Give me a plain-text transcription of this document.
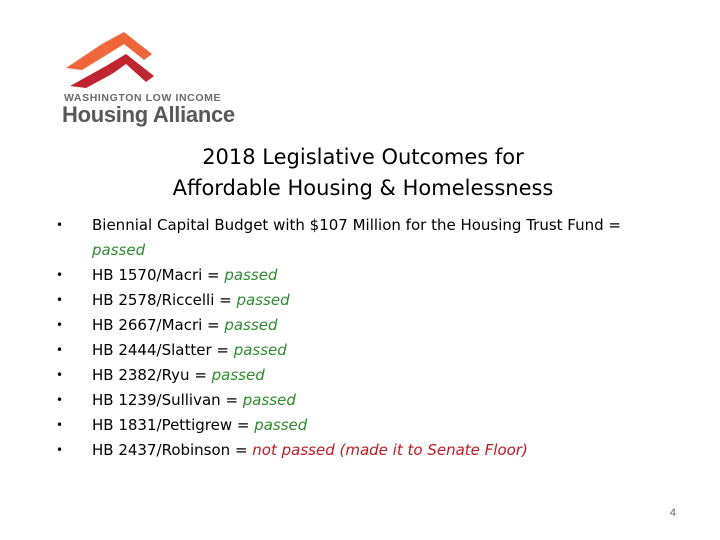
WASHINGTON LOW INCOME
Housing Alliance
2018 Legislative Outcomes for
Affordable Housing & Homelessness
• Biennial Capital Budget with $107 Million for the Housing Trust Fund = passed
• HB 1570/Macri = passed
• HB 2578/Riccelli = passed
• HB 2667/Macri = passed
• HB 2444/Slatter = passed
• HB 2382/Ryu = passed
• HB 1239/Sullivan = passed
• HB 1831/Pettigrew = passed
• HB 2437/Robinson = not passed (made it to Senate Floor)
4
